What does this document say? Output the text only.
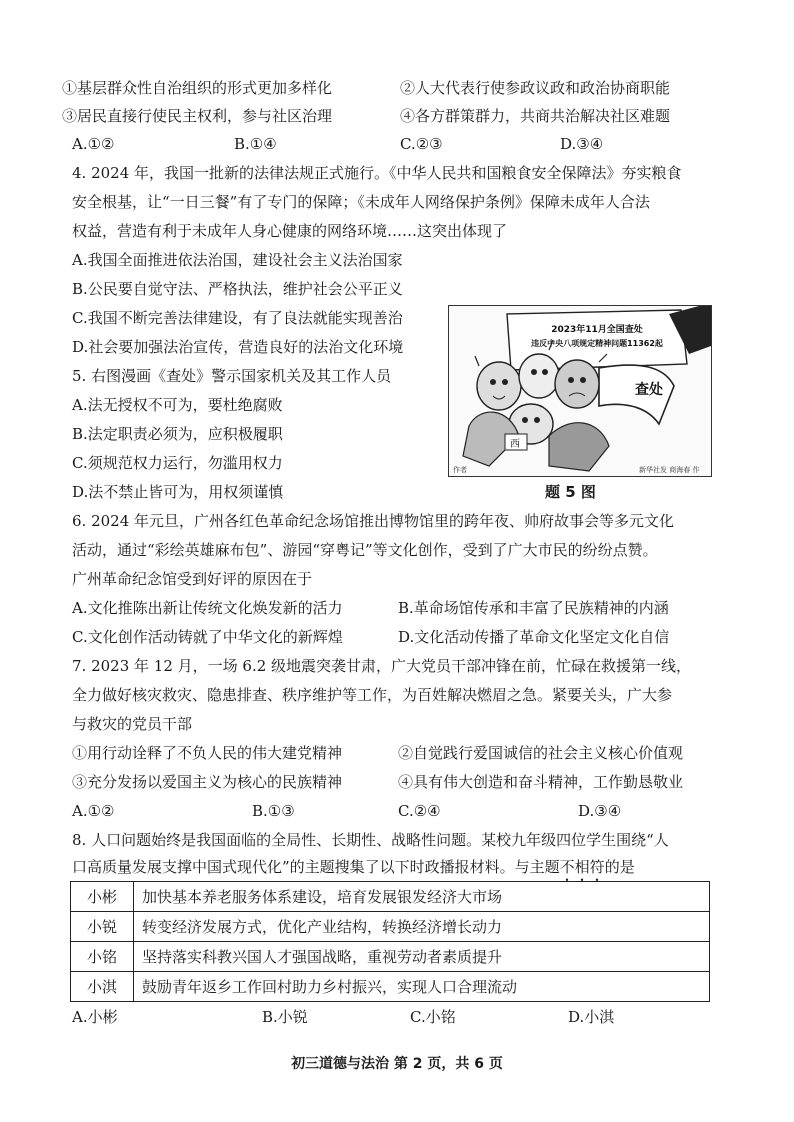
①基层群众性自治组织的形式更加多样化	②人大代表行使参政议政和政治协商职能
③居民直接行使民主权利，参与社区治理	④各方群策群力，共商共治解决社区难题
A.①②	B.①④	C.②③	D.③④
4. 2024 年，我国一批新的法律法规正式施行。《中华人民共和国粮食安全保障法》夯实粮食
安全根基，让“一日三餐”有了专门的保障；《未成年人网络保护条例》保障未成年人合法
权益，营造有利于未成年人身心健康的网络环境……这突出体现了
A.我国全面推进依法治国，建设社会主义法治国家
B.公民要自觉守法、严格执法，维护社会公平正义
C.我国不断完善法律建设，有了良法就能实现善治
D.社会要加强法治宣传，营造良好的法治文化环境
5. 右图漫画《查处》警示国家机关及其工作人员
A.法无授权不可为，要杜绝腐败
B.法定职责必须为，应积极履职
C.须规范权力运行，勿滥用权力
D.法不禁止皆可为，用权须谨慎
2023年11月全国查处
违反中央八项规定精神问题11362起
查处
西
作者	新华社发 商海春 作
题 5 图
6. 2024 年元旦，广州各红色革命纪念场馆推出博物馆里的跨年夜、帅府故事会等多元文化
活动，通过“彩绘英雄麻布包”、游园“穿粤记”等文化创作，受到了广大市民的纷纷点赞。
广州革命纪念馆受到好评的原因在于
A.文化推陈出新让传统文化焕发新的活力	B.革命场馆传承和丰富了民族精神的内涵
C.文化创作活动铸就了中华文化的新辉煌	D.文化活动传播了革命文化坚定文化自信
7. 2023 年 12 月，一场 6.2 级地震突袭甘肃，广大党员干部冲锋在前，忙碌在救援第一线，
全力做好核灾救灾、隐患排查、秩序维护等工作，为百姓解决燃眉之急。紧要关头，广大参
与救灾的党员干部
①用行动诠释了不负人民的伟大建党精神	②自觉践行爱国诚信的社会主义核心价值观
③充分发扬以爱国主义为核心的民族精神	④具有伟大创造和奋斗精神，工作勤恳敬业
A.①②	B.①③	C.②④	D.③④
8. 人口问题始终是我国面临的全局性、长期性、战略性问题。某校九年级四位学生围绕“人
口高质量发展支撑中国式现代化”的主题搜集了以下时政播报材料。与主题不相符的是
小彬	加快基本养老服务体系建设，培育发展银发经济大市场
小锐	转变经济发展方式，优化产业结构，转换经济增长动力
小铭	坚持落实科教兴国人才强国战略，重视劳动者素质提升
小淇	鼓励青年返乡工作回村助力乡村振兴，实现人口合理流动
A.小彬	B.小锐	C.小铭	D.小淇
初三道德与法治 第 2 页，共 6 页
